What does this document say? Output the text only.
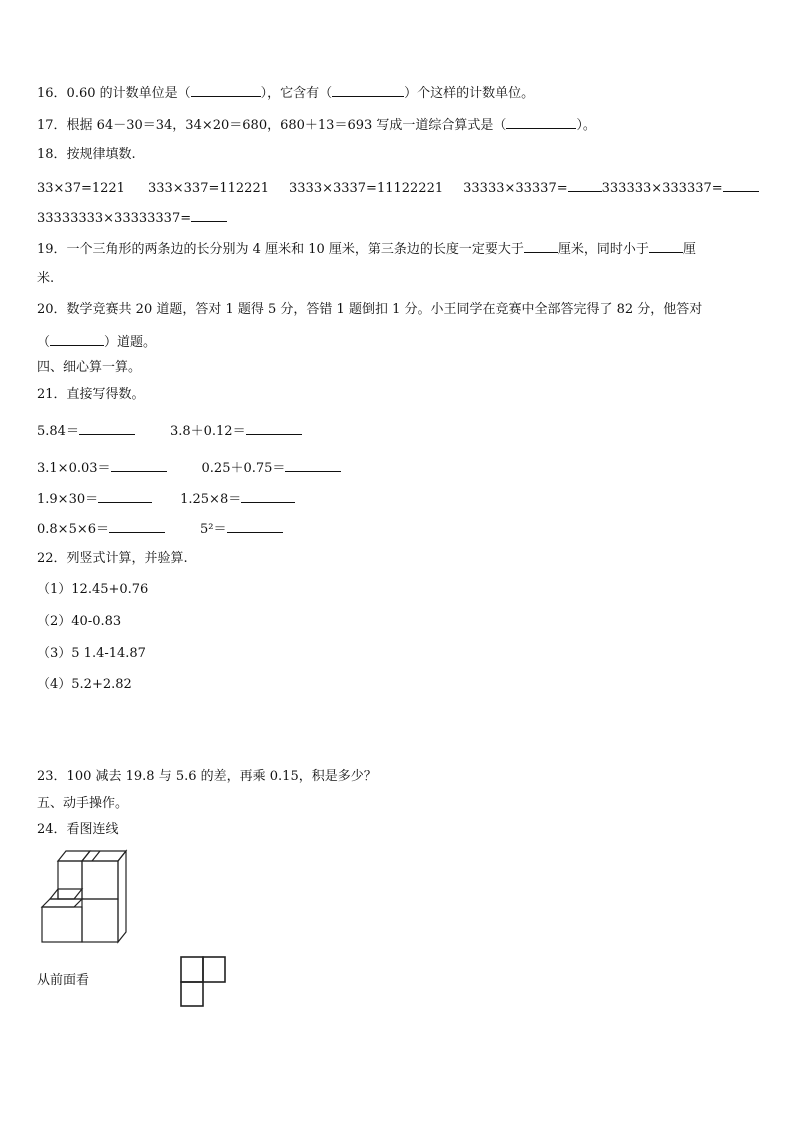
16．0.60 的计数单位是（	），它含有（	）个这样的计数单位。
17．根据 64－30＝34，34×20＝680，680＋13＝693 写成一道综合算式是（	）。
18．按规律填数.
33×37=1221 333×337=112221 3333×3337=11122221 33333×33337=	333333×333337=
33333333×33333337=
19．一个三角形的两条边的长分别为 4 厘米和 10 厘米，第三条边的长度一定要大于	厘米，同时小于	厘
米.
20．数学竞赛共 20 道题，答对 1 题得 5 分，答错 1 题倒扣 1 分。小王同学在竞赛中全部答完得了 82 分，他答对
（	）道题。
四、细心算一算。
21．直接写得数。
5.84＝	3.8＋0.12＝
3.1×0.03＝	0.25＋0.75＝
1.9×30＝	1.25×8＝
0.8×5×6＝	5²＝
22．列竖式计算，并验算.
（1）12.45+0.76
（2）40-0.83
（3）5 1.4-14.87
（4）5.2+2.82
23．100 减去 19.8 与 5.6 的差，再乘 0.15，积是多少？
五、动手操作。
24．看图连线
从前面看
